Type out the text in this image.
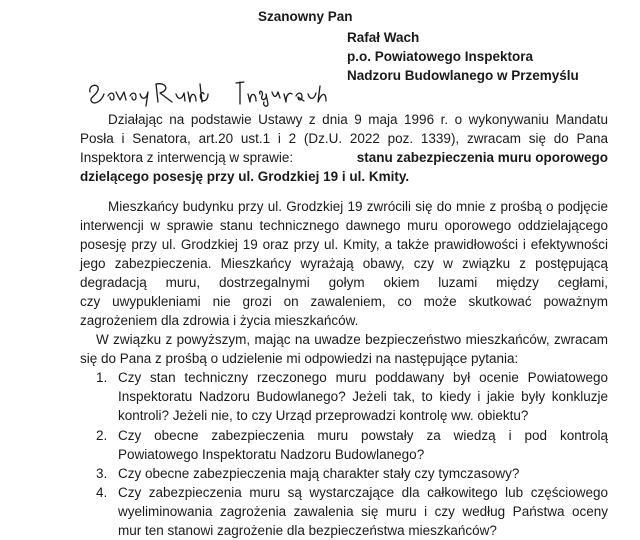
Szanowny Pan
Rafał Wach
p.o. Powiatowego Inspektora
Nadzoru Budowlanego w Przemyślu
Działając na podstawie Ustawy z dnia 9 maja 1996 r. o wykonywaniu Mandatu
Posła i Senatora, art.20 ust.1 i 2 (Dz.U. 2022 poz. 1339), zwracam się do Pana
Inspektora z interwencją w sprawie:	stanu zabezpieczenia muru oporowego
dzielącego posesję przy ul. Grodzkiej 19 i ul. Kmity.
Mieszkańcy budynku przy ul. Grodzkiej 19 zwrócili się do mnie z prośbą o podjęcie
interwencji w sprawie stanu technicznego dawnego muru oporowego oddzielającego
posesję przy ul. Grodzkiej 19 oraz przy ul. Kmity, a także prawidłowości i efektywności
jego zabezpieczenia. Mieszkańcy wyrażają obawy, czy w związku z postępującą
degradacją muru, dostrzegalnymi gołym okiem luzami między cegłami,
czy uwypukleniami nie grozi on zawaleniem, co może skutkować poważnym
zagrożeniem dla zdrowia i życia mieszkańców.
W związku z powyższym, mając na uwadze bezpieczeństwo mieszkańców, zwracam
się do Pana z prośbą o udzielenie mi odpowiedzi na następujące pytania:
1. Czy stan techniczny rzeczonego muru poddawany był ocenie Powiatowego
Inspektoratu Nadzoru Budowlanego? Jeżeli tak, to kiedy i jakie były konkluzje
kontroli? Jeżeli nie, to czy Urząd przeprowadzi kontrolę ww. obiektu?
2. Czy obecne zabezpieczenia muru powstały za wiedzą i pod kontrolą
Powiatowego Inspektoratu Nadzoru Budowlanego?
3. Czy obecne zabezpieczenia mają charakter stały czy tymczasowy?
4. Czy zabezpieczenia muru są wystarczające dla całkowitego lub częściowego
wyeliminowania zagrożenia zawalenia się muru i czy według Państwa oceny
mur ten stanowi zagrożenie dla bezpieczeństwa mieszkańców?
